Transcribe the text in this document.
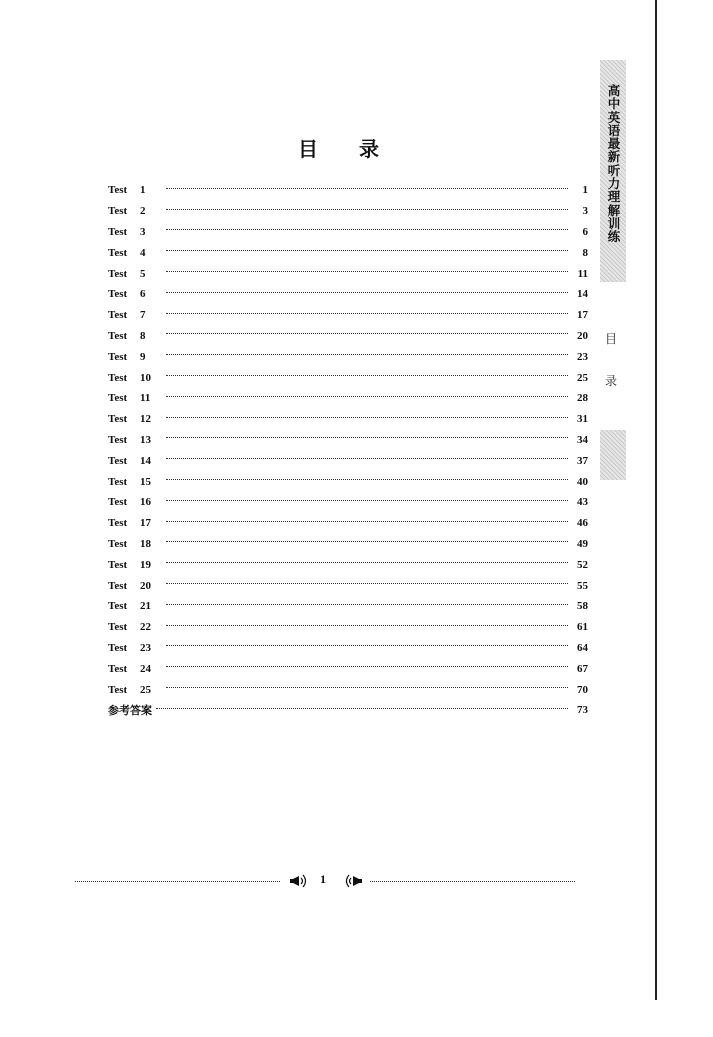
高
中
英
语
最
新
听
力
理
解
训
练
目
录
目 录
Test 1	1
Test 2	3
Test 3	6
Test 4	8
Test 5	11
Test 6	14
Test 7	17
Test 8	20
Test 9	23
Test 10	25
Test 11	28
Test 12	31
Test 13	34
Test 14	37
Test 15	40
Test 16	43
Test 17	46
Test 18	49
Test 19	52
Test 20	55
Test 21	58
Test 22	61
Test 23	64
Test 24	67
Test 25	70
参考答案	73
1
